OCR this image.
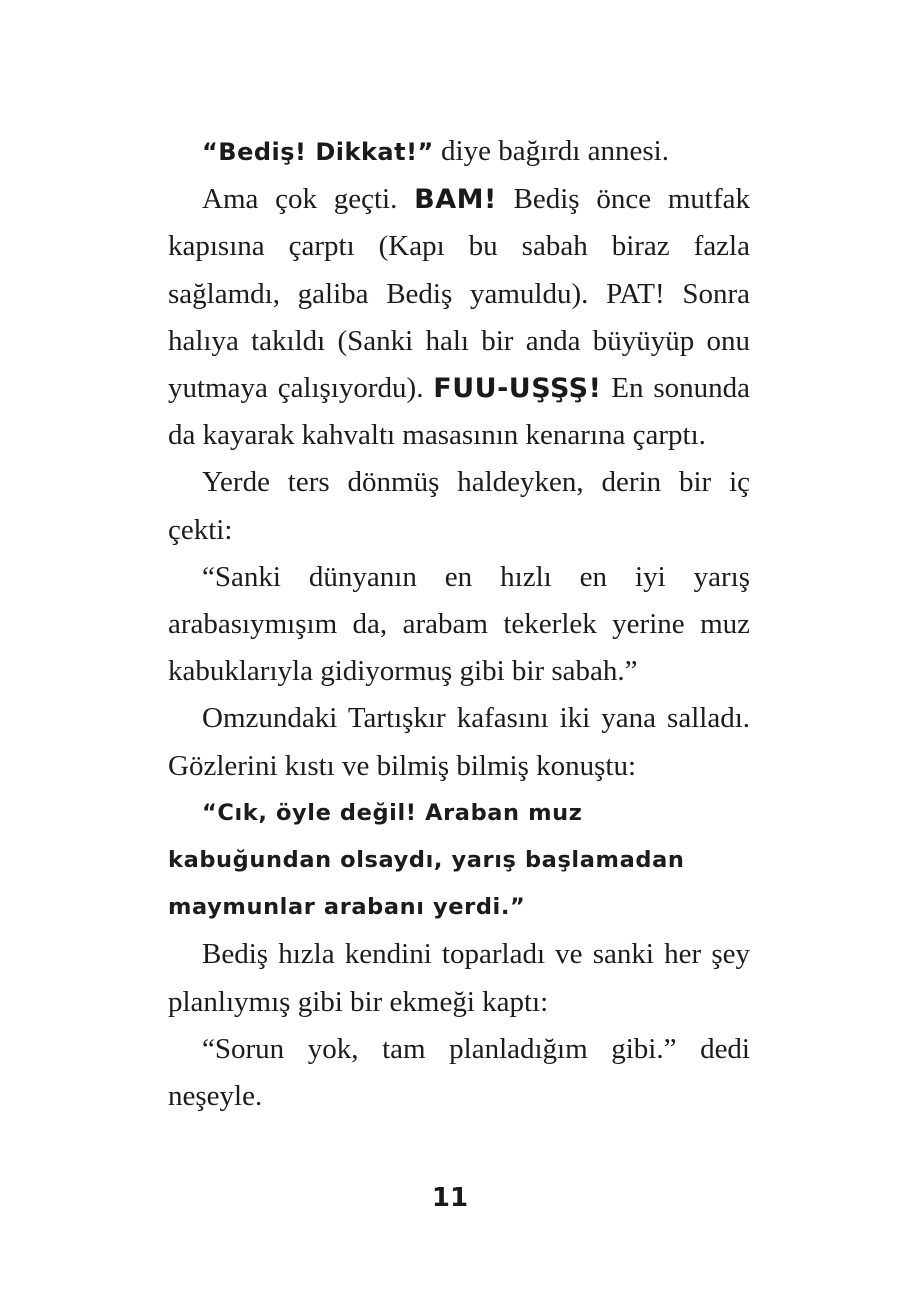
“Bediş! Dikkat!” diye bağırdı annesi.

Ama çok geçti. BAM! Bediş önce mutfak kapısına çarptı (Kapı bu sabah biraz fazla sağlamdı, galiba Bediş yamuldu). PAT! Sonra halıya takıldı (Sanki halı bir anda büyüyüp onu yutmaya çalışıyordu). FUU-UŞŞŞ! En sonunda da kayarak kahvaltı masasının kenarına çarptı.

Yerde ters dönmüş haldeyken, derin bir iç çekti:

“Sanki dünyanın en hızlı en iyi yarış arabasıymışım da, arabam tekerlek yerine muz kabuklarıyla gidiyormuş gibi bir sabah.”

Omzundaki Tartışkır kafasını iki yana salladı. Gözlerini kıstı ve bilmiş bilmiş konuştu:

“Cık, öyle değil! Araban muz kabuğundan olsaydı, yarış başlamadan maymunlar arabanı yerdi.”

Bediş hızla kendini toparladı ve sanki her şey planlıymış gibi bir ekmeği kaptı:

“Sorun yok, tam planladığım gibi.” dedi neşeyle.

11
